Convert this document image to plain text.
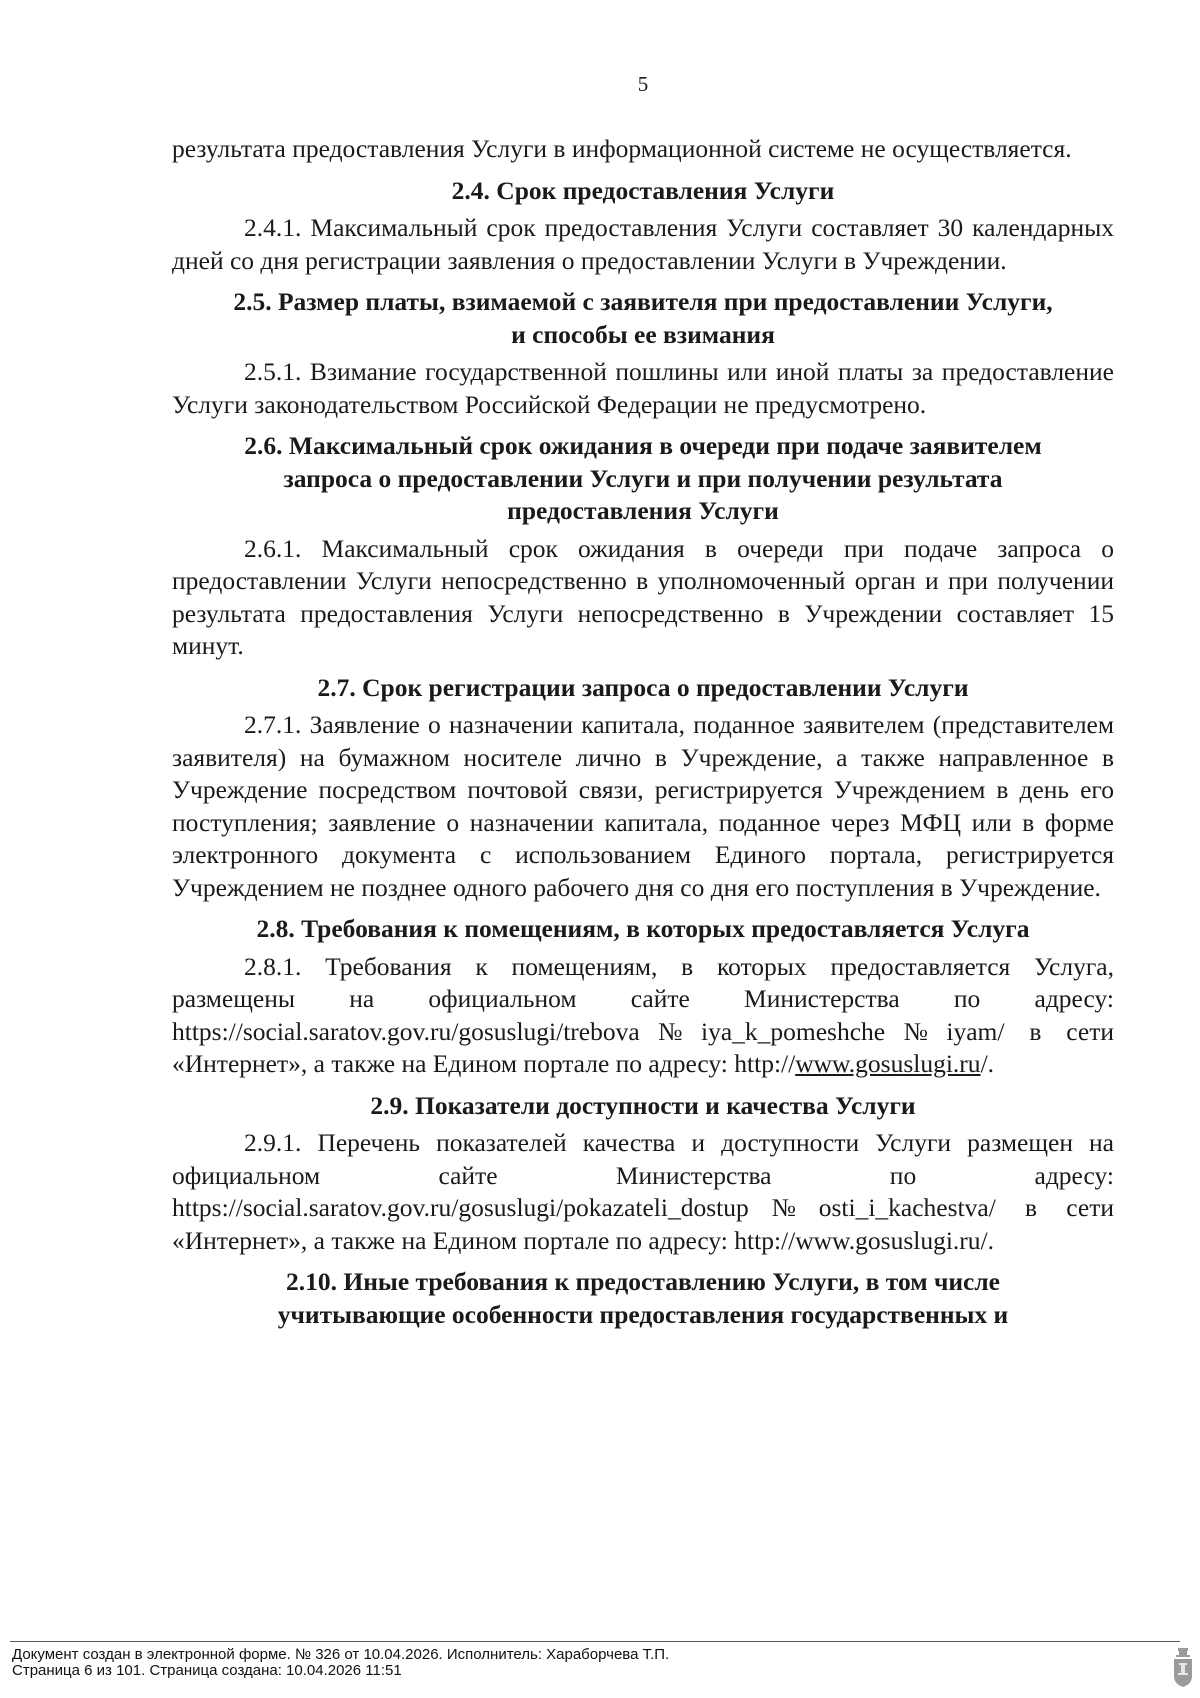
5

результата предоставления Услуги в информационной системе не осуществляется.

2.4. Срок предоставления Услуги

2.4.1. Максимальный срок предоставления Услуги составляет 30 календарных дней со дня регистрации заявления о предоставлении Услуги в Учреждении.

2.5. Размер платы, взимаемой с заявителя при предоставлении Услуги,
и способы ее взимания

2.5.1. Взимание государственной пошлины или иной платы за предоставление Услуги законодательством Российской Федерации не предусмотрено.

2.6. Максимальный срок ожидания в очереди при подаче заявителем
запроса о предоставлении Услуги и при получении результата
предоставления Услуги

2.6.1. Максимальный срок ожидания в очереди при подаче запроса о предоставлении Услуги непосредственно в уполномоченный орган и при получении результата предоставления Услуги непосредственно в Учреждении составляет 15 минут.

2.7. Срок регистрации запроса о предоставлении Услуги

2.7.1. Заявление о назначении капитала, поданное заявителем (представителем заявителя) на бумажном носителе лично в Учреждение, а также направленное в Учреждение посредством почтовой связи, регистрируется Учреждением в день его поступления; заявление о назначении капитала, поданное через МФЦ или в форме электронного документа с использованием Единого портала, регистрируется Учреждением не позднее одного рабочего дня со дня его поступления в Учреждение.

2.8. Требования к помещениям, в которых предоставляется Услуга

2.8.1. Требования к помещениям, в которых предоставляется Услуга, размещены на официальном сайте Министерства по адресу: https://social.saratov.gov.ru/gosuslugi/trebova№iya_k_pomeshche№iyam/ в сети «Интернет», а также на Едином портале по адресу: http://www.gosuslugi.ru/.

2.9. Показатели доступности и качества Услуги

2.9.1. Перечень показателей качества и доступности Услуги размещен на официальном сайте Министерства по адресу: https://social.saratov.gov.ru/gosuslugi/pokazateli_dostup№osti_i_kachestva/ в сети «Интернет», а также на Едином портале по адресу: http://www.gosuslugi.ru/.

2.10. Иные требования к предоставлению Услуги, в том числе
учитывающие особенности предоставления государственных и
Документ создан в электронной форме. № 326 от 10.04.2026. Исполнитель: Хараборчева Т.П.
Страница 6 из 101. Страница создана: 10.04.2026 11:51
